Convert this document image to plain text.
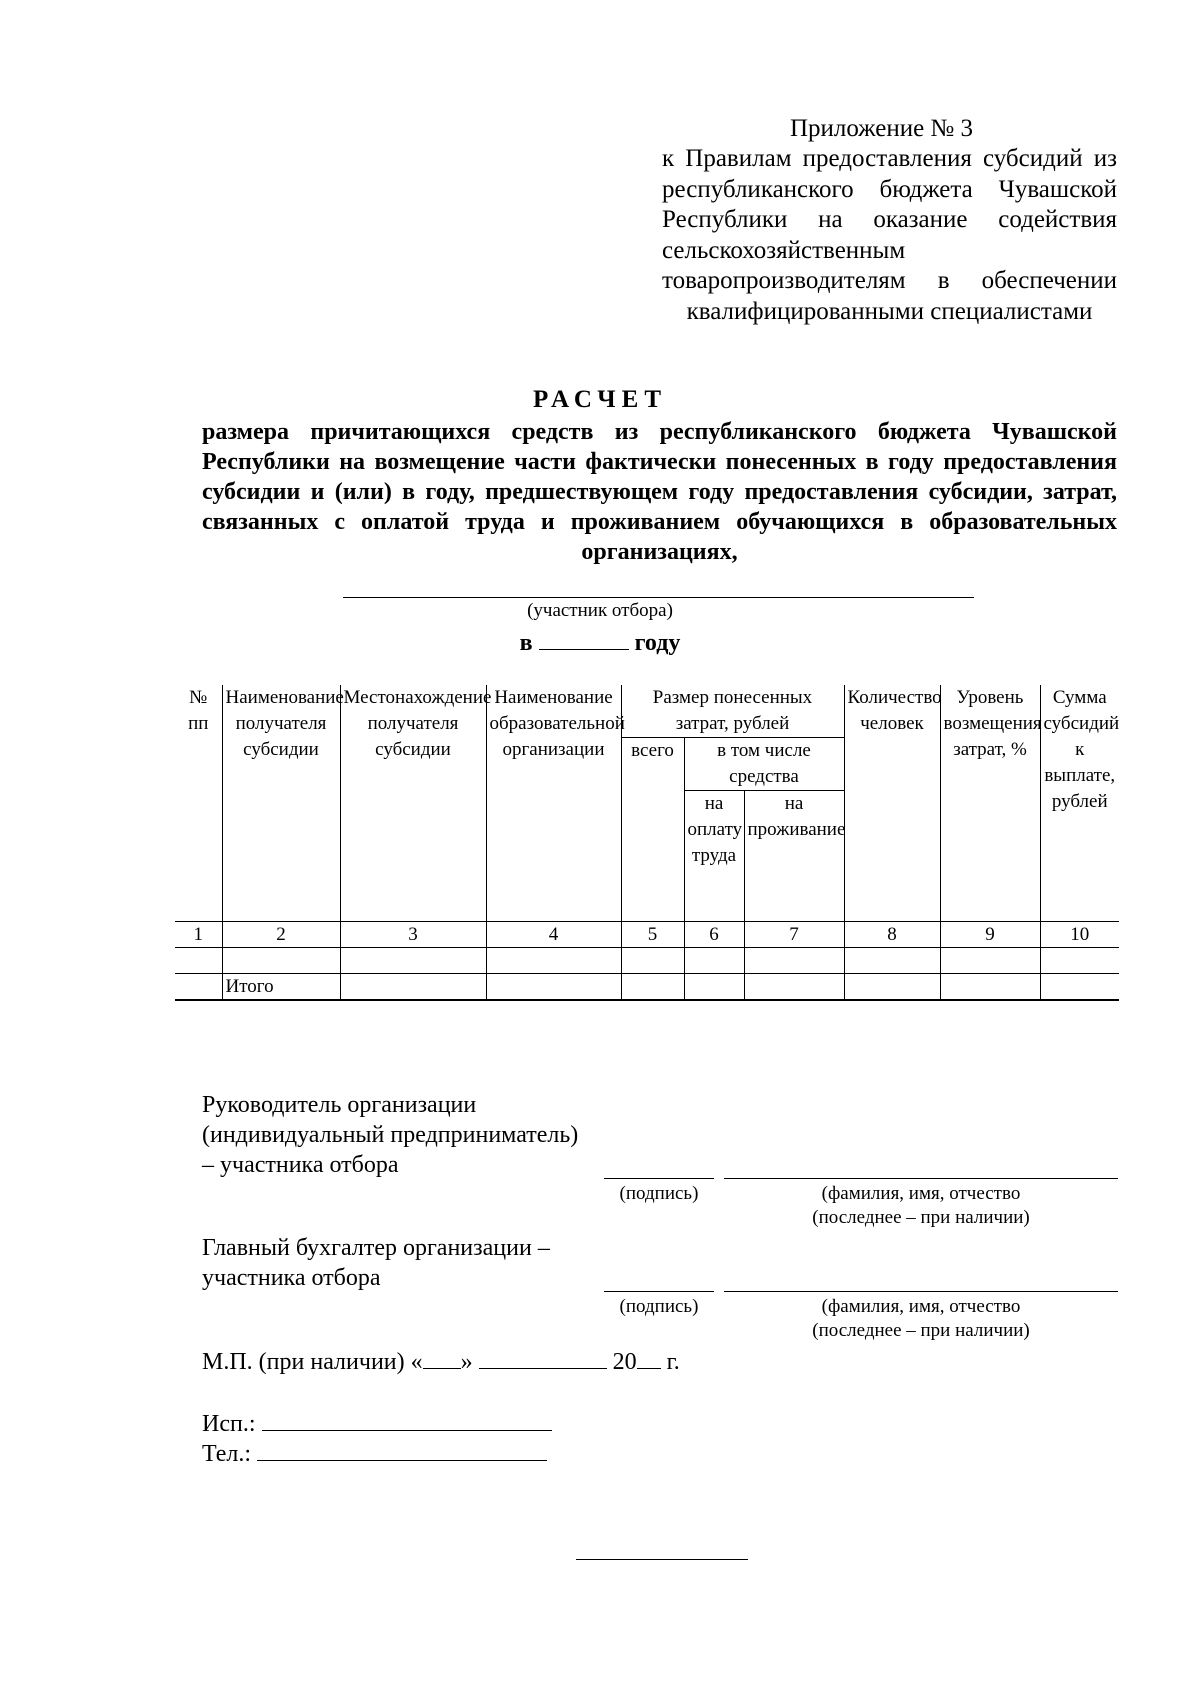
Приложение № 3
к Правилам предоставления субсидий из республиканского бюджета Чувашской Республики на оказание содействия сельскохозяйственным товаропроизводителям в обеспечении квалифицированными специалистами
РАСЧЕТ
размера причитающихся средств из республиканского бюджета Чувашской Республики на возмещение части фактически понесенных в году предоставления субсидии и (или) в году, предшествующем году предоставления субсидии, затрат, связанных с оплатой труда и проживанием обучающихся в образовательных организациях,
(участник отбора)
в	году
№ пп	Наименование получателя субсидии	Местонахождение получателя субсидии	Наименование образовательной организации	Размер понесенных затрат, рублей			Количество человек	Уровень возмещения затрат, %	Сумма субсидий к выплате, рублей
				всего	в том числе средства				
					на оплату труда	на проживание			

1	2	3	4	5	6	7	8	9	10

	Итого								
Руководитель организации (индивидуальный предприниматель) – участника отбора
(подпись)	(фамилия, имя, отчество
(последнее – при наличии)
Главный бухгалтер организации – участника отбора
(подпись)	(фамилия, имя, отчество
(последнее – при наличии)
М.П. (при наличии) « »	20 г.
Исп.:
Тел.:
